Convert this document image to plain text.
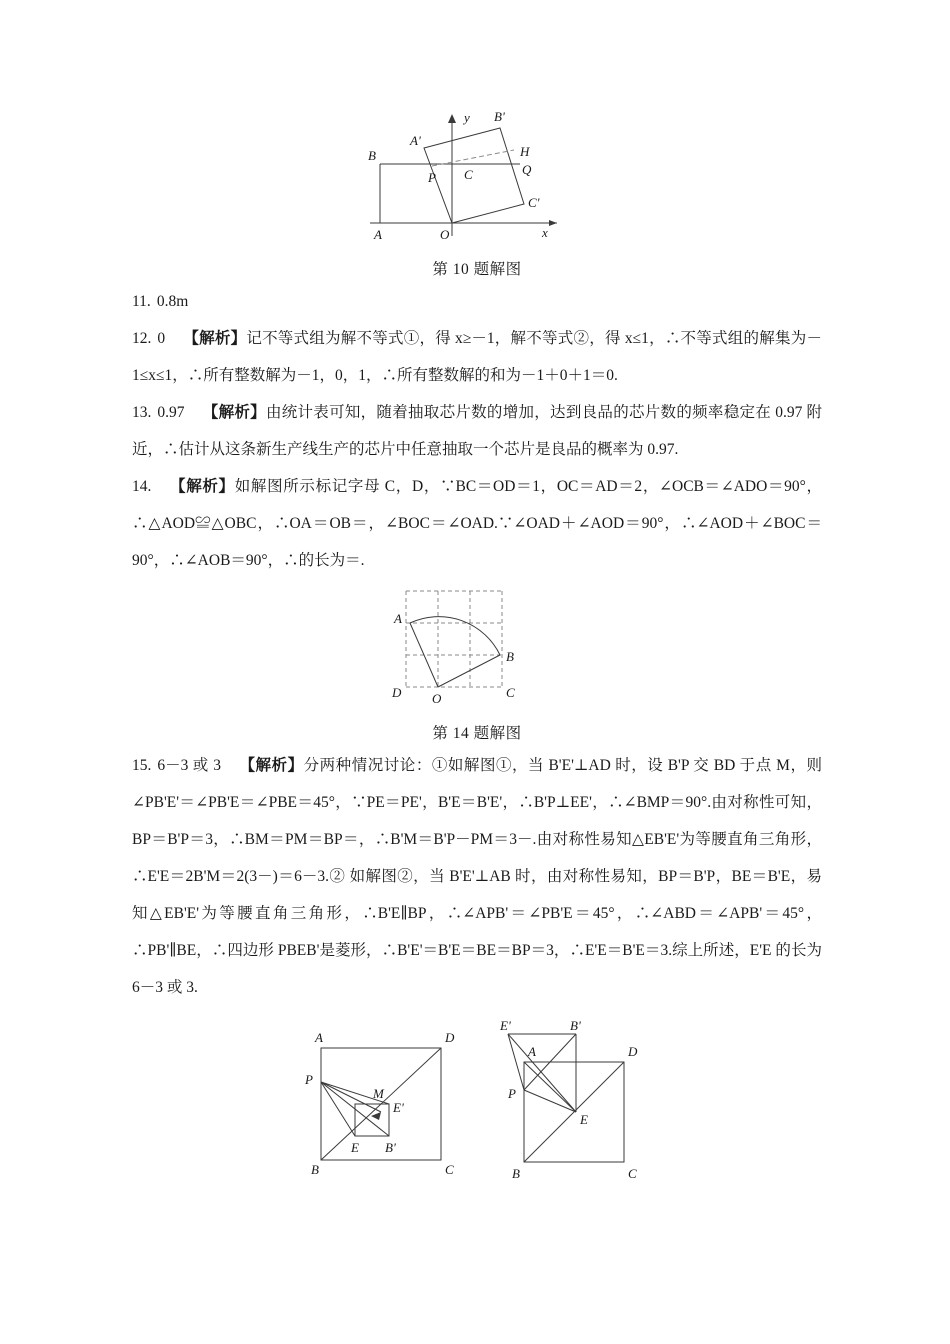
B
A	O
A'
B'
C
P
C'
H
Q
y
x
第 10 题解图

11. 0.8m

12. 0 【解析】记不等式组为解不等式①，得 x≥－1，解不等式②，得 x≤1，∴不等式组的解集为－1≤x≤1，∴所有整数解为－1，0，1，∴所有整数解的和为－1＋0＋1＝0.

13. 0.97 【解析】由统计表可知，随着抽取芯片数的增加，达到良品的芯片数的频率稳定在 0.97 附近，∴估计从这条新生产线生产的芯片中任意抽取一个芯片是良品的概率为 0.97.

14. 【解析】如解图所示标记字母 C，D，∵BC＝OD＝1，OC＝AD＝2，∠OCB＝∠ADO＝90°，∴△AOD≌△OBC，∴OA＝OB＝，∠BOC＝∠OAD.∵∠OAD＋∠AOD＝90°，∴∠AOD＋∠BOC＝90°，∴∠AOB＝90°，∴的长为＝.

A
B
C
D O
第 14 题解图

15. 6－3 或 3 【解析】分两种情况讨论：①如解图①，当 B'E'⊥AD 时，设 B'P 交 BD 于点 M，则∠PB'E'＝∠PB'E＝∠PBE＝45°，∵PE＝PE'，B'E＝B'E'，∴B'P⊥EE'，∴∠BMP＝90°.由对称性可知，BP＝B'P＝3，∴BM＝PM＝BP＝，∴B'M＝B'P－PM＝3－.由对称性易知△EB'E'为等腰直角三角形，∴E'E＝2B'M＝2(3－)＝6－3.② 如解图②，当 B'E'⊥AB 时，由对称性易知，BP＝B'P，BE＝B'E，易知△EB'E'为等腰直角三角形，∴B'E∥BP，∴∠APB'＝∠PB'E＝45°，∴∠ABD＝∠APB'＝45°，∴PB'∥BE，∴四边形 PBEB'是菱形，∴B'E'＝B'E＝BE＝BP＝3，∴E'E＝B'E＝3.综上所述，E'E 的长为 6－3 或 3.

A	D
P
M
E'
E B'
B	C
E'	B'
A	D
P
E
B	C
